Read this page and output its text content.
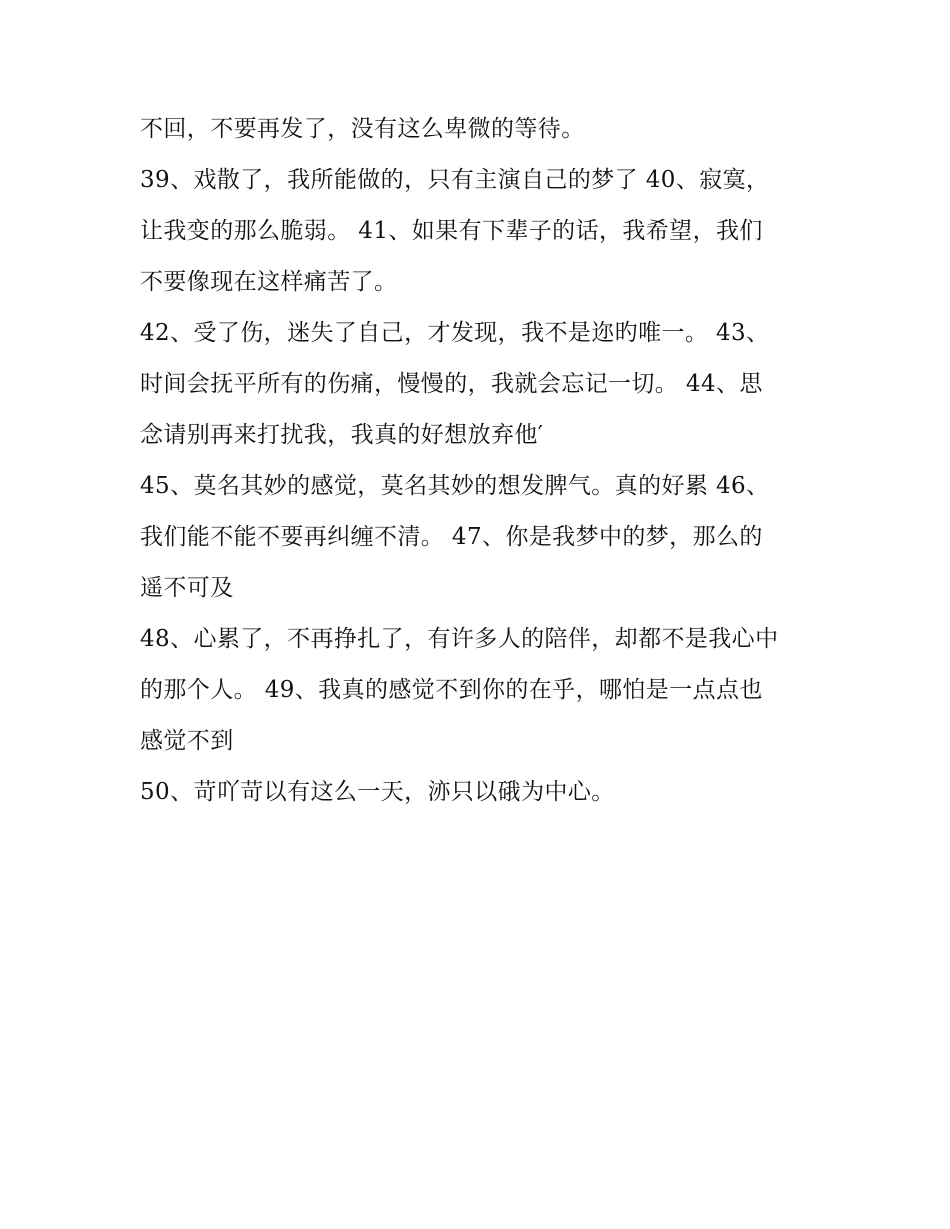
不回，不要再发了，没有这么卑微的等待。
39、戏散了，我所能做的，只有主演自己的梦了 40、寂寞，
让我变的那么脆弱。 41、如果有下辈子的话，我希望，我们
不要像现在这样痛苦了。
42、受了伤，迷失了自己，才发现，我不是迩旳唯一。 43、
时间会抚平所有的伤痛，慢慢的，我就会忘记一切。 44、思
念请别再来打扰我，我真的好想放弃他′
45、莫名其妙的感觉，莫名其妙的想发脾气。真的好累 46、
我们能不能不要再纠缠不清。 47、你是我梦中的梦，那么的
遥不可及
48、心累了，不再挣扎了，有许多人的陪伴，却都不是我心中
的那个人。 49、我真的感觉不到你的在乎，哪怕是一点点也
感觉不到
50、苛吖苛以有这么一天，洂只以硪为中心。
